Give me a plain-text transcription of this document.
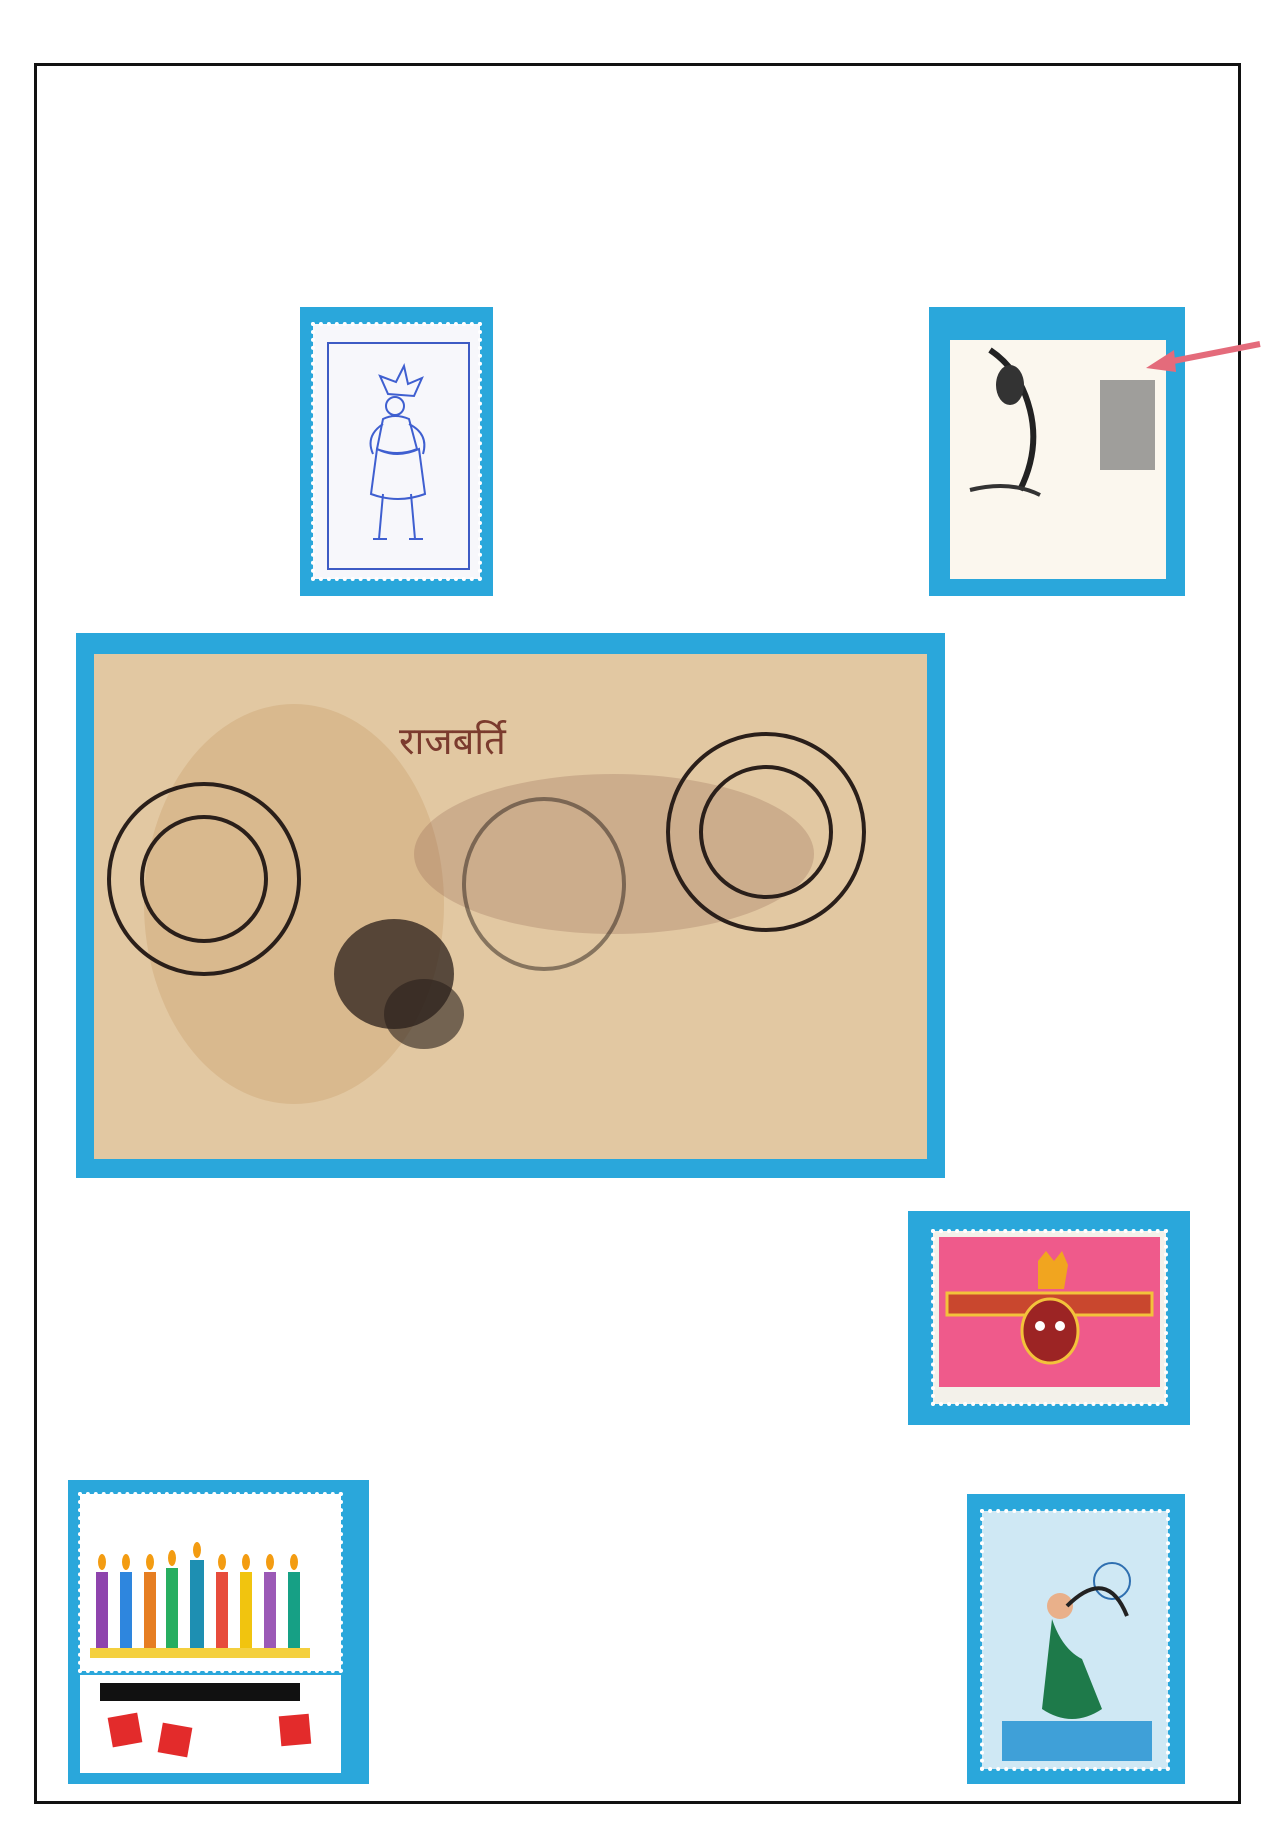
राजबर्ति
